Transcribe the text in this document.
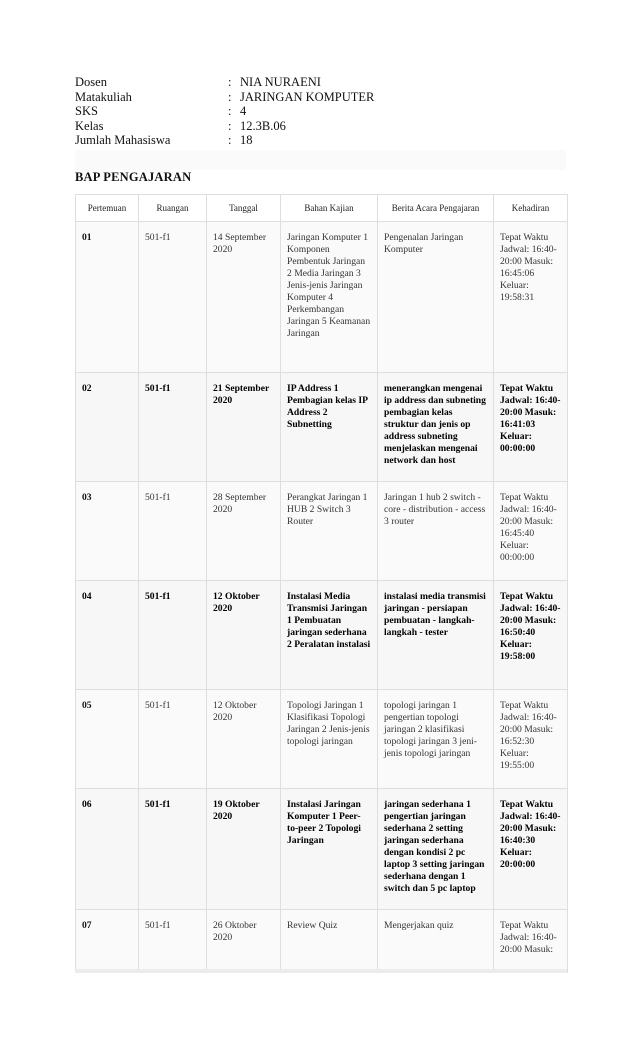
Dosen	: NIA NURAENI
Matakuliah	: JARINGAN KOMPUTER
SKS	: 4
Kelas	: 12.3B.06
Jumlah Mahasiswa	: 18
BAP PENGAJARAN
Pertemuan	Ruangan	Tanggal	Bahan Kajian	Berita Acara Pengajaran	Kehadiran
01	501-f1	14 September 2020	Jaringan Komputer 1 Komponen Pembentuk Jaringan 2 Media Jaringan 3 Jenis-jenis Jaringan Komputer 4 Perkembangan Jaringan 5 Keamanan Jaringan	Pengenalan Jaringan Komputer	Tepat Waktu Jadwal: 16:40-20:00 Masuk: 16:45:06 Keluar: 19:58:31
02	501-f1	21 September 2020	IP Address 1 Pembagian kelas IP Address 2 Subnetting	menerangkan mengenai ip address dan subneting pembagian kelas struktur dan jenis op address subneting menjelaskan mengenai network dan host	Tepat Waktu Jadwal: 16:40-20:00 Masuk: 16:41:03 Keluar: 00:00:00
03	501-f1	28 September 2020	Perangkat Jaringan 1 HUB 2 Switch 3 Router	Jaringan 1 hub 2 switch - core - distribution - access 3 router	Tepat Waktu Jadwal: 16:40-20:00 Masuk: 16:45:40 Keluar: 00:00:00
04	501-f1	12 Oktober 2020	Instalasi Media Transmisi Jaringan 1 Pembuatan jaringan sederhana 2 Peralatan instalasi	instalasi media transmisi jaringan - persiapan pembuatan - langkah-langkah - tester	Tepat Waktu Jadwal: 16:40-20:00 Masuk: 16:50:40 Keluar: 19:58:00
05	501-f1	12 Oktober 2020	Topologi Jaringan 1 Klasifikasi Topologi Jaringan 2 Jenis-jenis topologi jaringan	topologi jaringan 1 pengertian topologi jaringan 2 klasifikasi topologi jaringan 3 jeni-jenis topologi jaringan	Tepat Waktu Jadwal: 16:40-20:00 Masuk: 16:52:30 Keluar: 19:55:00
06	501-f1	19 Oktober 2020	Instalasi Jaringan Komputer 1 Peer-to-peer 2 Topologi Jaringan	jaringan sederhana 1 pengertian jaringan sederhana 2 setting jaringan sederhana dengan kondisi 2 pc laptop 3 setting jaringan sederhana dengan 1 switch dan 5 pc laptop	Tepat Waktu Jadwal: 16:40-20:00 Masuk: 16:40:30 Keluar: 20:00:00
07	501-f1	26 Oktober 2020	Review Quiz	Mengerjakan quiz	Tepat Waktu Jadwal: 16:40-20:00 Masuk:
